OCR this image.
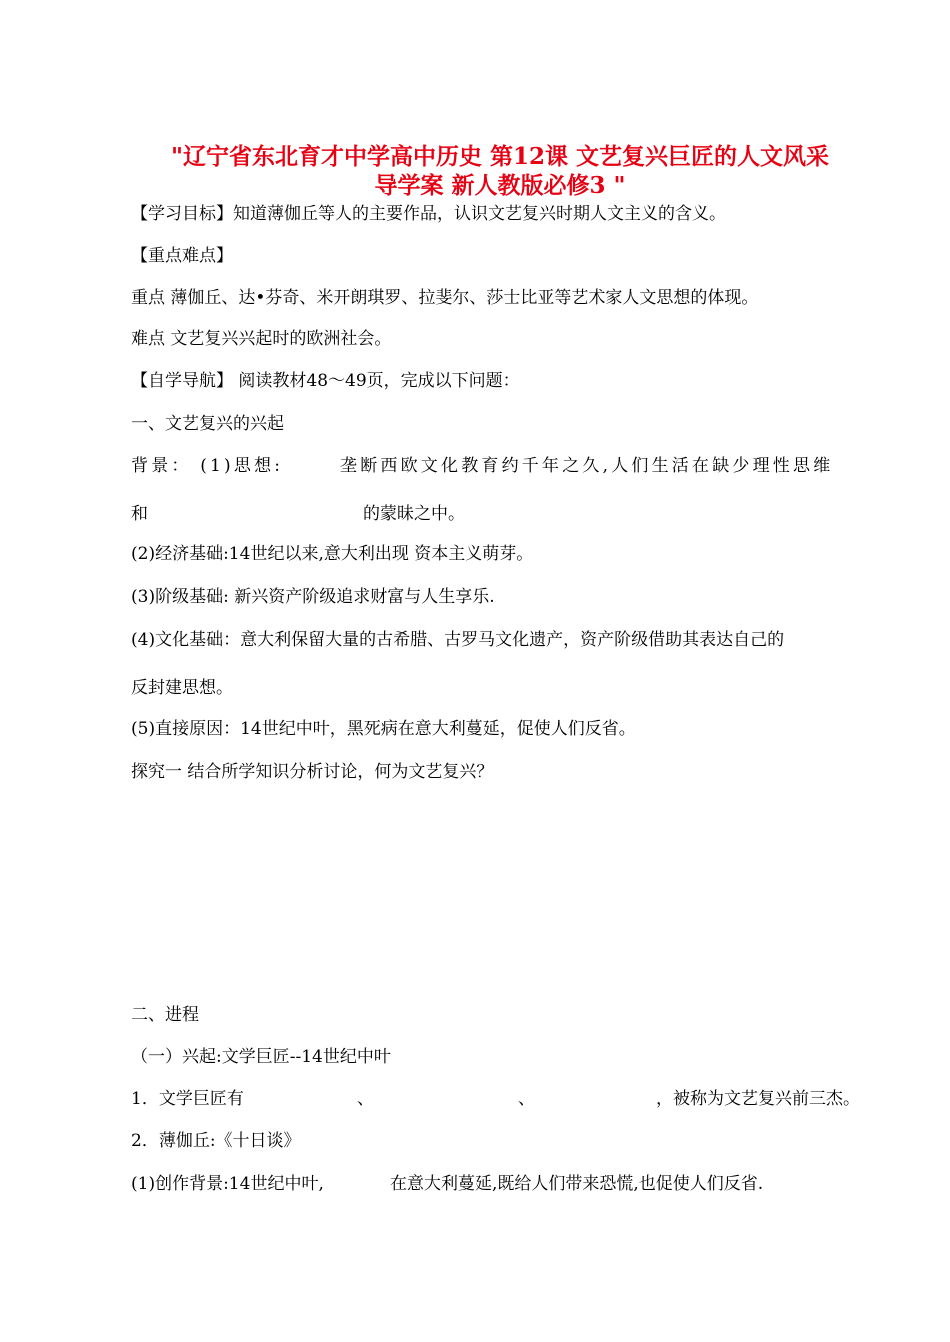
"辽宁省东北育才中学高中历史 第12课 文艺复兴巨匠的人文风采
导学案 新人教版必修3 "
【学习目标】知道薄伽丘等人的主要作品，认识文艺复兴时期人文主义的含义。
【重点难点】
重点 薄伽丘、达•芬奇、米开朗琪罗、拉斐尔、莎士比亚等艺术家人文思想的体现。
难点 文艺复兴兴起时的欧洲社会。
【自学导航】 阅读教材48～49页，完成以下问题：
一、文艺复兴的兴起
背景： (1)思想:	垄断西欧文化教育约千年之久,人们生活在缺少理性思维
和	的蒙昧之中。
(2)经济基础:14世纪以来,意大利出现 资本主义萌芽。
(3)阶级基础: 新兴资产阶级追求财富与人生享乐.
(4)文化基础：意大利保留大量的古希腊、古罗马文化遗产，资产阶级借助其表达自己的
反封建思想。
(5)直接原因：14世纪中叶，黑死病在意大利蔓延，促使人们反省。
探究一 结合所学知识分析讨论，何为文艺复兴？
二、进程
（一）兴起:文学巨匠--14世纪中叶
1．文学巨匠有	、	、	，被称为文艺复兴前三杰。
2．薄伽丘:《十日谈》
(1)创作背景:14世纪中叶,	在意大利蔓延,既给人们带来恐慌,也促使人们反省.
